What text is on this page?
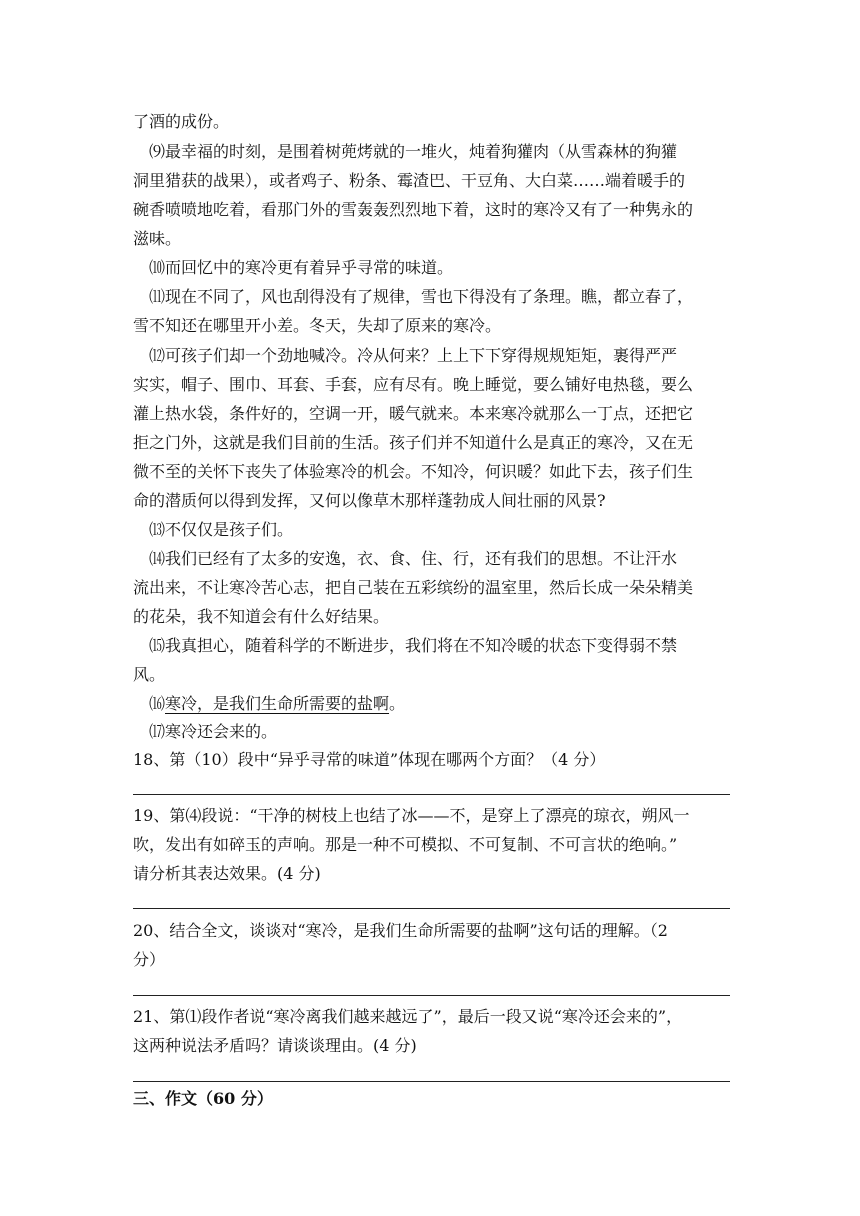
了酒的成份。
⑼最幸福的时刻，是围着树蔸烤就的一堆火，炖着狗獾肉（从雪森林的狗獾
洞里猎获的战果），或者鸡子、粉条、霉渣巴、干豆角、大白菜……端着暖手的
碗香喷喷地吃着，看那门外的雪轰轰烈烈地下着，这时的寒冷又有了一种隽永的
滋味。
⑽而回忆中的寒冷更有着异乎寻常的味道。
⑾现在不同了，风也刮得没有了规律，雪也下得没有了条理。瞧，都立春了，
雪不知还在哪里开小差。冬天，失却了原来的寒冷。
⑿可孩子们却一个劲地喊冷。冷从何来？上上下下穿得规规矩矩，裹得严严
实实，帽子、围巾、耳套、手套，应有尽有。晚上睡觉，要么铺好电热毯，要么
灌上热水袋，条件好的，空调一开，暖气就来。本来寒冷就那么一丁点，还把它
拒之门外，这就是我们目前的生活。孩子们并不知道什么是真正的寒冷，又在无
微不至的关怀下丧失了体验寒冷的机会。不知冷，何识暖？如此下去，孩子们生
命的潜质何以得到发挥，又何以像草木那样蓬勃成人间壮丽的风景?
⒀不仅仅是孩子们。
⒁我们已经有了太多的安逸，衣、食、住、行，还有我们的思想。不让汗水
流出来，不让寒冷苦心志，把自己装在五彩缤纷的温室里，然后长成一朵朵精美
的花朵，我不知道会有什么好结果。
⒂我真担心，随着科学的不断进步，我们将在不知冷暖的状态下变得弱不禁
风。
⒃寒冷，是我们生命所需要的盐啊。
⒄寒冷还会来的。
18、第（10）段中“异乎寻常的味道”体现在哪两个方面？（4 分）
19、第⑷段说：“干净的树枝上也结了冰——不，是穿上了漂亮的琼衣，朔风一
吹，发出有如碎玉的声响。那是一种不可模拟、不可复制、不可言状的绝响。”
请分析其表达效果。(4 分)
20、结合全文，谈谈对“寒冷，是我们生命所需要的盐啊”这句话的理解。（2
分）
21、第⑴段作者说“寒冷离我们越来越远了”，最后一段又说“寒冷还会来的”，
这两种说法矛盾吗？请谈谈理由。(4 分)
三、作文（60 分）
